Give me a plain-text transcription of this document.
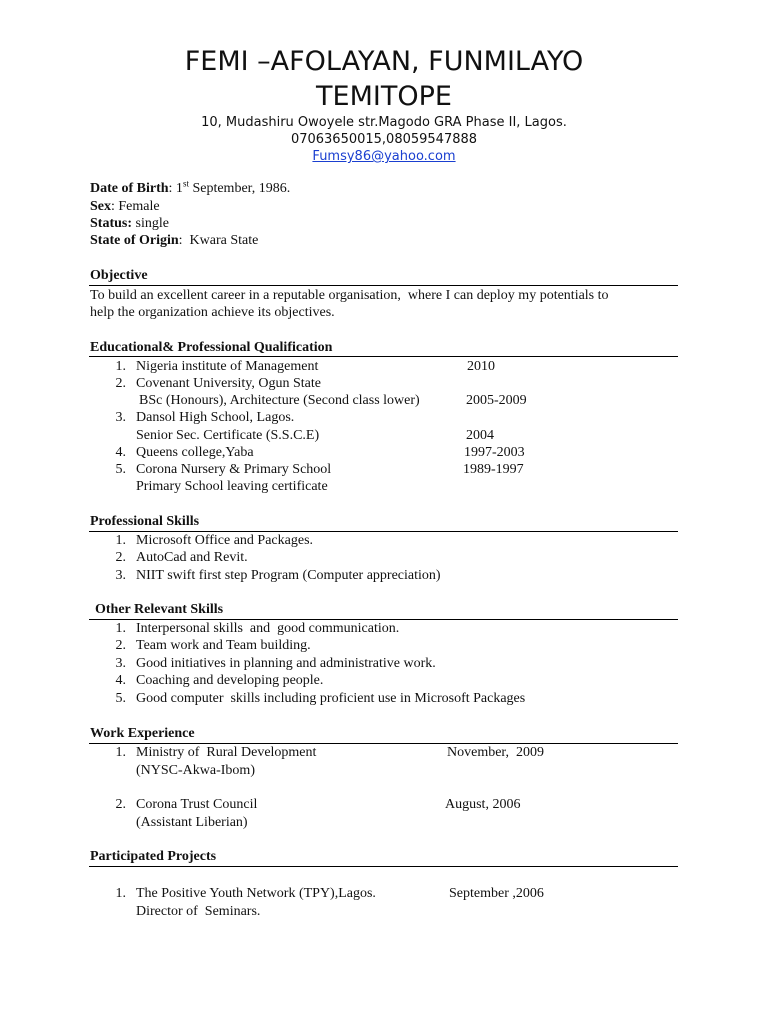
FEMI –AFOLAYAN, FUNMILAYO
TEMITOPE
10, Mudashiru Owoyele str.Magodo GRA Phase II, Lagos.
07063650015,08059547888
Fumsy86@yahoo.com
Date of Birth: 1st September, 1986.
Sex: Female
Status: single
State of Origin:  Kwara State
Objective
To build an excellent career in a reputable organisation,  where I can deploy my potentials to
help the organization achieve its objectives.
Educational& Professional Qualification
1. Nigeria institute of Management	2010
2. Covenant University, Ogun State
BSc (Honours), Architecture (Second class lower)	2005-2009
3. Dansol High School, Lagos.
Senior Sec. Certificate (S.S.C.E)	2004
4. Queens college,Yaba	1997-2003
5. Corona Nursery & Primary School	1989-1997
Primary School leaving certificate
Professional Skills
1. Microsoft Office and Packages.
2. AutoCad and Revit.
3. NIIT swift first step Program (Computer appreciation)
Other Relevant Skills
1. Interpersonal skills  and  good communication.
2. Team work and Team building.
3. Good initiatives in planning and administrative work.
4. Coaching and developing people.
5. Good computer  skills including proficient use in Microsoft Packages
Work Experience
1. Ministry of  Rural Development	November,  2009
(NYSC-Akwa-Ibom)
2. Corona Trust Council	August, 2006
(Assistant Liberian)
Participated Projects
1. The Positive Youth Network (TPY),Lagos.	September ,2006
Director of  Seminars.
